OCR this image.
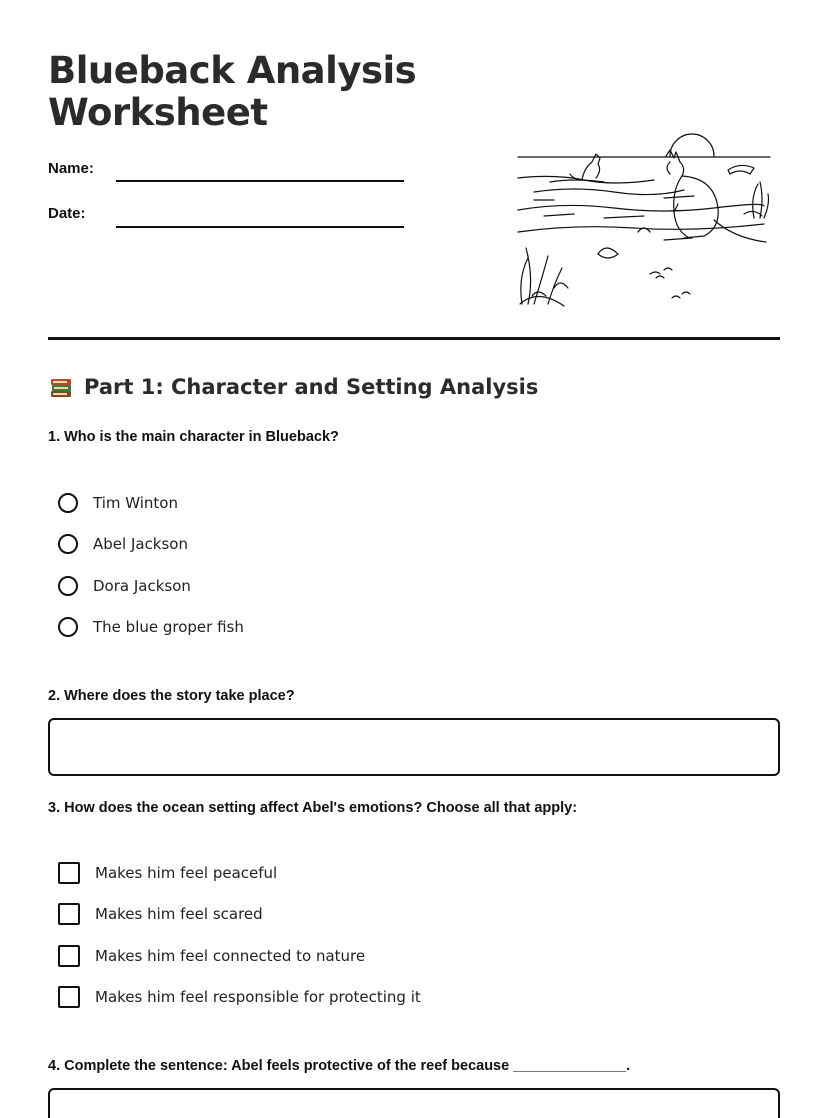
Blueback Analysis
Worksheet
Name:
Date:
Part 1: Character and Setting Analysis
1. Who is the main character in Blueback?
Tim Winton
Abel Jackson
Dora Jackson
The blue groper fish
2. Where does the story take place?
3. How does the ocean setting affect Abel's emotions? Choose all that apply:
Makes him feel peaceful
Makes him feel scared
Makes him feel connected to nature
Makes him feel responsible for protecting it
4. Complete the sentence: Abel feels protective of the reef because ______________.
